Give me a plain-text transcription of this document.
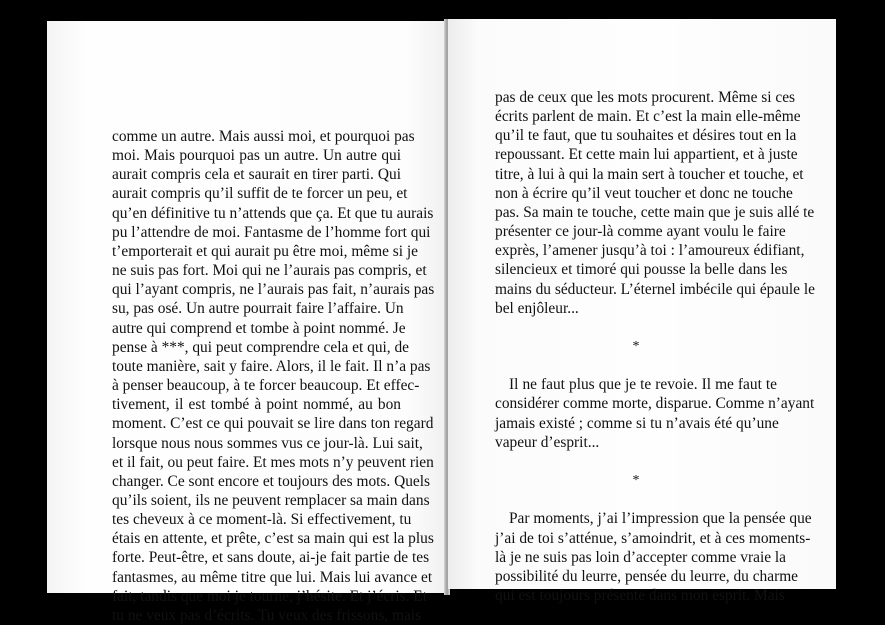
comme un autre. Mais aussi moi, et pourquoi pas
moi. Mais pourquoi pas un autre. Un autre qui
aurait compris cela et saurait en tirer parti. Qui
aurait compris qu’il suffit de te forcer un peu, et
qu’en définitive tu n’attends que ça. Et que tu aurais
pu l’attendre de moi. Fantasme de l’homme fort qui
t’emporterait et qui aurait pu être moi, même si je
ne suis pas fort. Moi qui ne l’aurais pas compris, et
qui l’ayant compris, ne l’aurais pas fait, n’aurais pas
su, pas osé. Un autre pourrait faire l’affaire. Un
autre qui comprend et tombe à point nommé. Je
pense à ***, qui peut comprendre cela et qui, de
toute manière, sait y faire. Alors, il le fait. Il n’a pas
à penser beaucoup, à te forcer beaucoup. Et effec-
tivement, il est tombé à point nommé, au bon
moment. C’est ce qui pouvait se lire dans ton regard
lorsque nous nous sommes vus ce jour-là. Lui sait,
et il fait, ou peut faire. Et mes mots n’y peuvent rien
changer. Ce sont encore et toujours des mots. Quels
qu’ils soient, ils ne peuvent remplacer sa main dans
tes cheveux à ce moment-là. Si effectivement, tu
étais en attente, et prête, c’est sa main qui est la plus
forte. Peut-être, et sans doute, ai-je fait partie de tes
fantasmes, au même titre que lui. Mais lui avance et
fait, tandis que moi je tourne, j’hésite. Et j’écris. Et
tu ne veux pas d’écrits. Tu veux des frissons, mais
pas de ceux que les mots procurent. Même si ces
écrits parlent de main. Et c’est la main elle-même
qu’il te faut, que tu souhaites et désires tout en la
repoussant. Et cette main lui appartient, et à juste
titre, à lui à qui la main sert à toucher et touche, et
non à écrire qu’il veut toucher et donc ne touche
pas. Sa main te touche, cette main que je suis allé te
présenter ce jour-là comme ayant voulu le faire
exprès, l’amener jusqu’à toi : l’amoureux édifiant,
silencieux et timoré qui pousse la belle dans les
mains du séducteur. L’éternel imbécile qui épaule le
bel enjôleur...
*
Il ne faut plus que je te revoie. Il me faut te
considérer comme morte, disparue. Comme n’ayant
jamais existé ; comme si tu n’avais été qu’une
vapeur d’esprit...
*
Par moments, j’ai l’impression que la pensée que
j’ai de toi s’atténue, s’amoindrit, et à ces moments-
là je ne suis pas loin d’accepter comme vraie la
possibilité du leurre, pensée du leurre, du charme
qui est toujours présente dans mon esprit. Mais
